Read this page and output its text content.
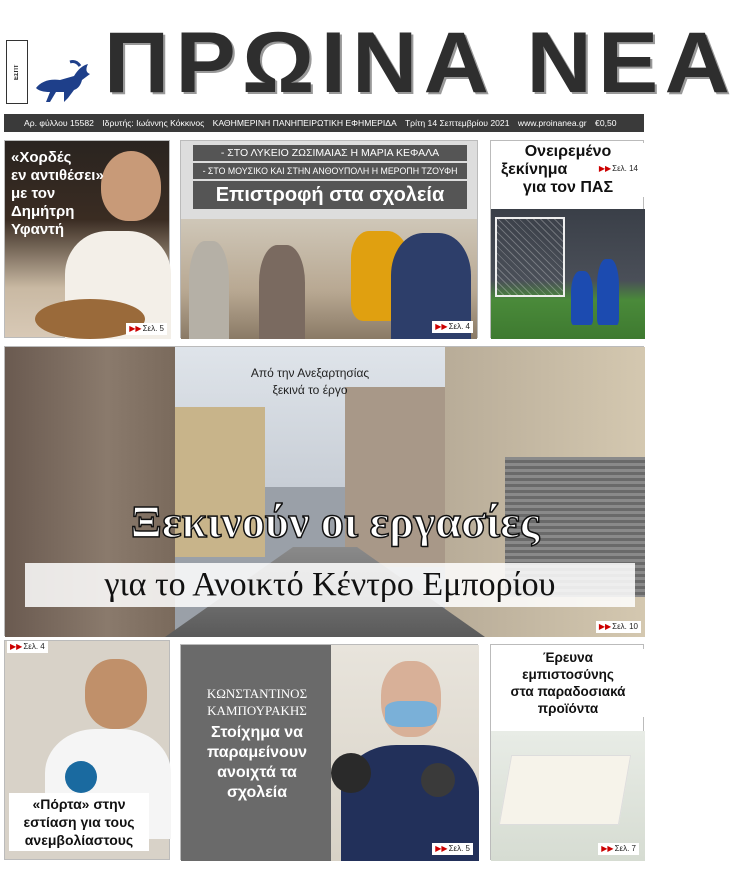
ΕΣΠΤ ΠΡΩΙΝΑ ΝΕΑ
Αρ. φύλλου 15582 Ιδρυτής: Ιωάννης Κόκκινος ΚΑΘΗΜΕΡΙΝΗ ΠΑΝΗΠΕΙΡΩΤΙΚΗ ΕΦΗΜΕΡΙΔΑ Τρίτη 14 Σεπτεμβρίου 2021 www.proinanea.gr €0,50
«Χορδές
εν αντιθέσει»
με τον
Δημήτρη
Υφαντή
▶▶Σελ. 5
- ΣΤΟ ΛΥΚΕΙΟ ΖΩΣΙΜΑΙΑΣ Η ΜΑΡΙΑ ΚΕΦΑΛΑ
- ΣΤΟ ΜΟΥΣΙΚΟ ΚΑΙ ΣΤΗΝ ΑΝΘΟΥΠΟΛΗ Η ΜΕΡΟΠΗ ΤΖΟΥΦΗ
Επιστροφή στα σχολεία
▶▶Σελ. 4
Ονειρεμένο
ξεκίνημα
για τον ΠΑΣ
▶▶Σελ. 14
Από την Ανεξαρτησίας
ξεκινά το έργο
Ξεκινούν οι εργασίες
για το Ανοικτό Κέντρο Εμπορίου
▶▶Σελ. 10
▶▶Σελ. 4
«Πόρτα» στην
εστίαση για τους
ανεμβολίαστους
ΚΩΝΣΤΑΝΤΙΝΟΣ
ΚΑΜΠΟΥΡΑΚΗΣ
Στοίχημα να
παραμείνουν
ανοιχτά τα
σχολεία
▶▶Σελ. 5
Έρευνα
εμπιστοσύνης
στα παραδοσιακά
προϊόντα
▶▶Σελ. 7
